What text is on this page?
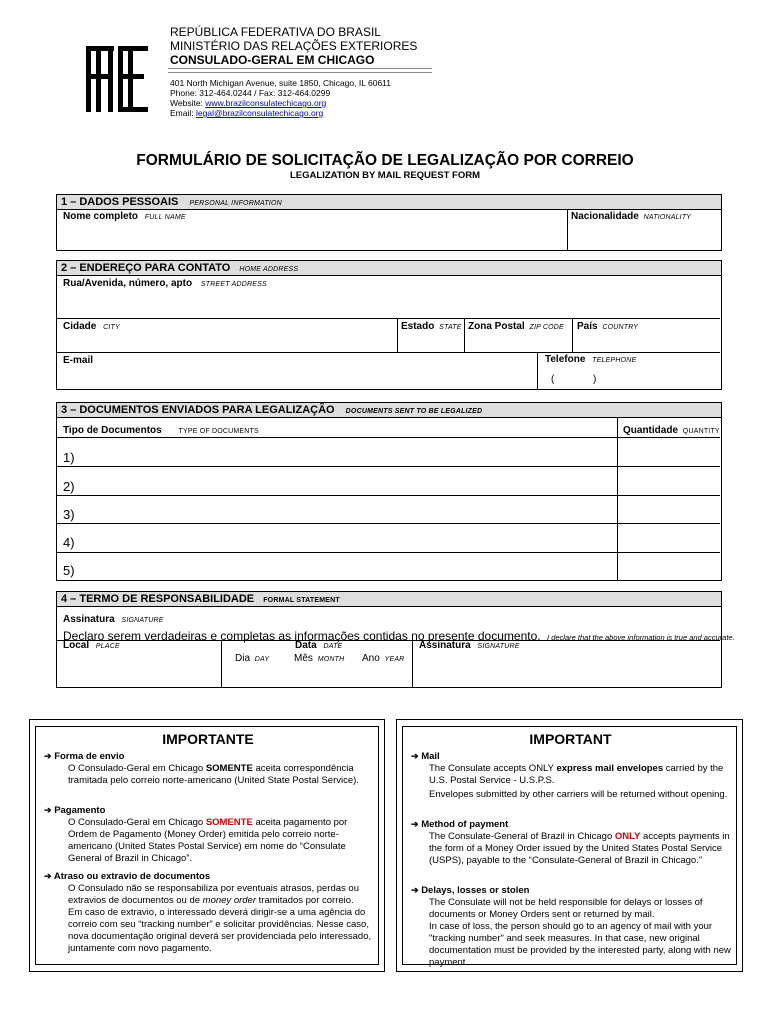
AE
REPÚBLICA FEDERATIVA DO BRASIL
MINISTÉRIO DAS RELAÇÕES EXTERIORES
CONSULADO-GERAL EM CHICAGO
401 North Michigan Avenue, suite 1850, Chicago, IL 60611
Phone: 312-464.0244 / Fax: 312-464.0299
Website: www.brazilconsulatechicago.org
Email: legal@brazilconsulatechicago.org
FORMULÁRIO DE SOLICITAÇÃO DE LEGALIZAÇÃO POR CORREIO
LEGALIZATION BY MAIL REQUEST FORM
1 – DADOS PESSOAIS PERSONAL INFORMATION
Nome completo FULL NAME	Nacionalidade NATIONALITY
2 – ENDEREÇO PARA CONTATO HOME ADDRESS
Rua/Avenida, número, apto STREET ADDRESS
Cidade CITY	Estado STATE Zona Postal ZIP CODE País COUNTRY
E-mail	Telefone TELEPHONE
(	)
3 – DOCUMENTOS ENVIADOS PARA LEGALIZAÇÃO DOCUMENTS SENT TO BE LEGALIZED
Tipo de Documentos TYPE OF DOCUMENTS	Quantidade QUANTITY
1)
2)
3)
4)
5)
4 – TERMO DE RESPONSABILIDADE FORMAL STATEMENT
Assinatura SIGNATURE
Declaro serem verdadeiras e completas as informações contidas no presente documento. I declare that the above information is true and accurate.
Local PLACE	Data DATE
Dia DAY Mês MONTH Ano YEAR
Assinatura SIGNATURE
IMPORTANTE
➔ Forma de envio
O Consulado-Geral em Chicago SOMENTE aceita correspondência tramitada pelo correio norte-americano (United State Postal Service).
➔ Pagamento
O Consulado-Geral em Chicago SOMENTE aceita pagamento por Ordem de Pagamento (Money Order) emitida pelo correio norte-americano (United States Postal Service) em nome do “Consulate General of Brazil in Chicago”.
➔ Atraso ou extravio de documentos
O Consulado não se responsabiliza por eventuais atrasos, perdas ou extravios de documentos ou de money order tramitados por correio.
Em caso de extravio, o interessado deverá dirigir-se a uma agência do correio com seu “tracking number” e solicitar providências. Nesse caso, nova documentação original deverá ser providenciada pelo interessado, juntamente com novo pagamento.
IMPORTANT
➔ Mail
The Consulate accepts ONLY express mail envelopes carried by the U.S. Postal Service - U.S.P.S.
Envelopes submitted by other carriers will be returned without opening.
➔ Method of payment
The Consulate-General of Brazil in Chicago ONLY accepts payments in the form of a Money Order issued by the United States Postal Service (USPS), payable to the “Consulate-General of Brazil in Chicago.”
➔ Delays, losses or stolen
The Consulate will not be held responsible for delays or losses of documents or Money Orders sent or returned by mail.
In case of loss, the person should go to an agency of mail with your "tracking number" and seek measures. In that case, new original documentation must be provided by the interested party, along with new payment.
